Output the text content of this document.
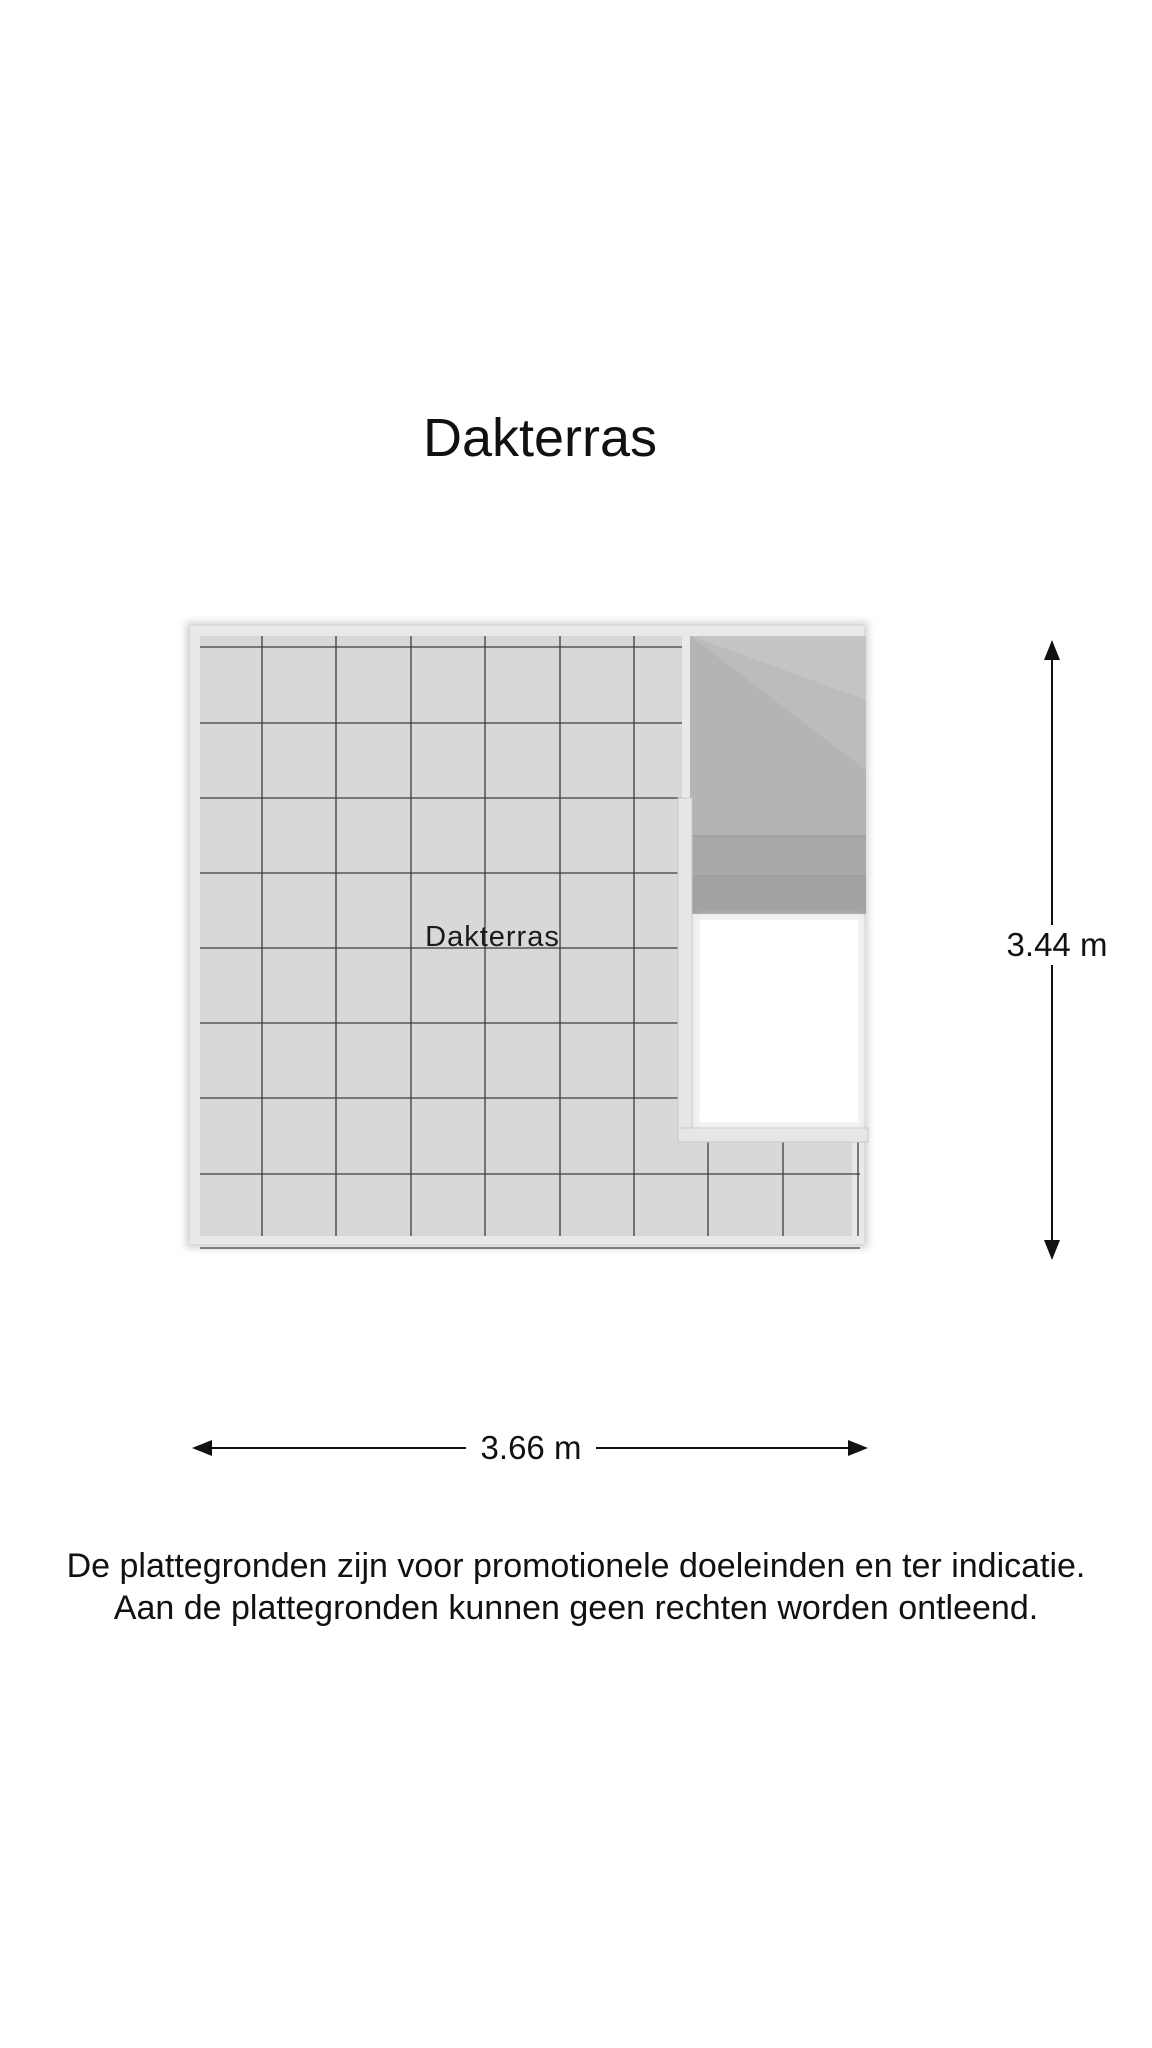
Dakterras
Dakterras	3.44 m
3.66 m
De plattegronden zijn voor promotionele doeleinden en ter indicatie.
Aan de plattegronden kunnen geen rechten worden ontleend.
